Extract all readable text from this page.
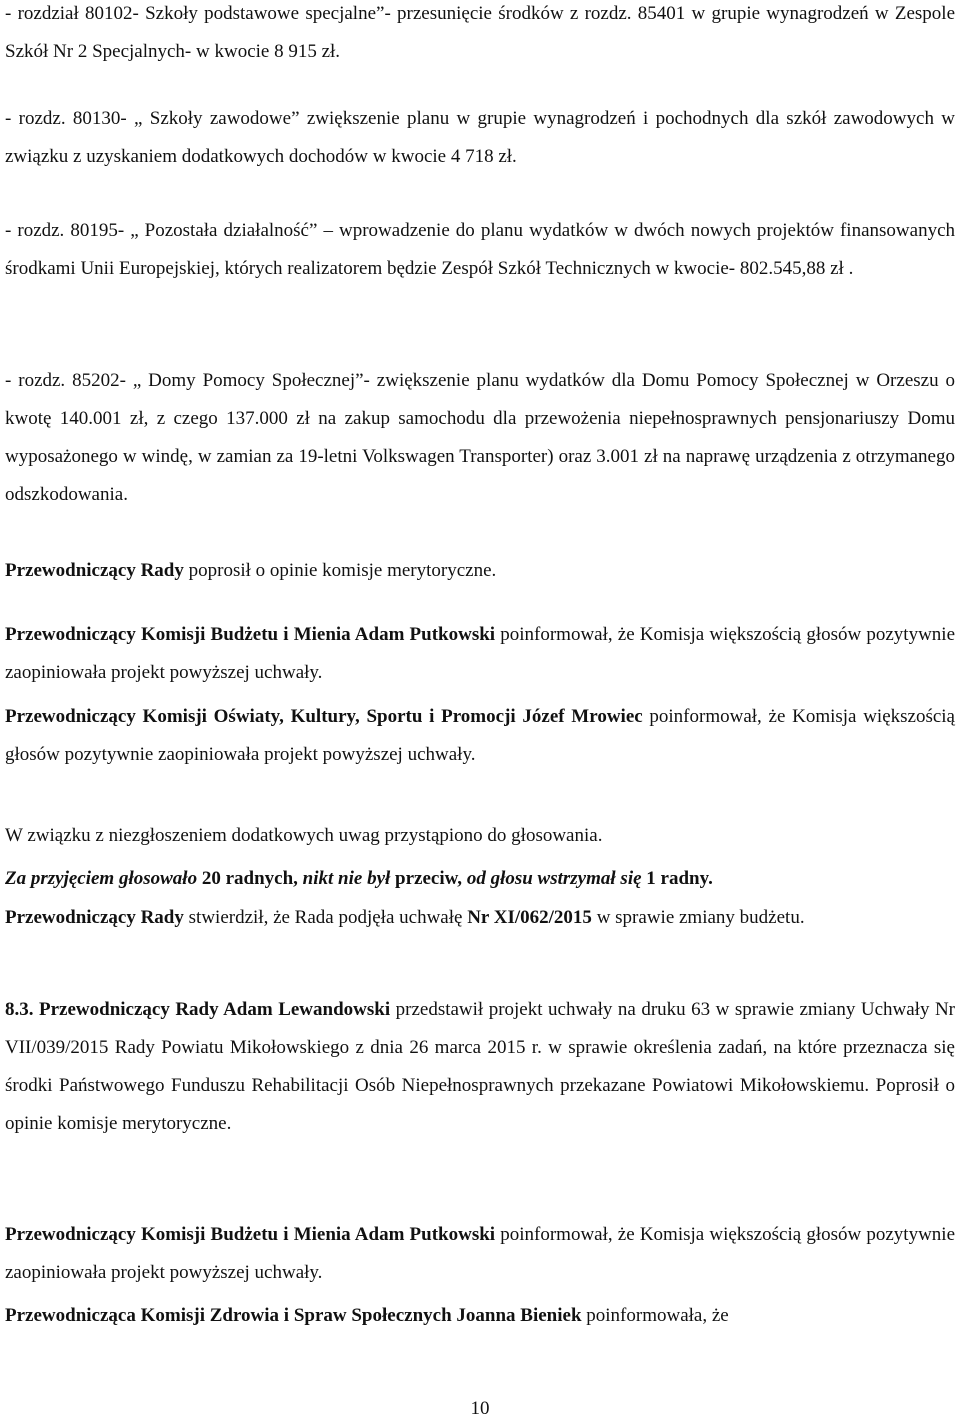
- rozdział 80102- Szkoły podstawowe specjalne”- przesunięcie środków z rozdz. 85401 w grupie wynagrodzeń w Zespole Szkół Nr 2 Specjalnych- w kwocie 8 915 zł.

- rozdz. 80130- „ Szkoły zawodowe” zwiększenie planu w grupie wynagrodzeń i pochodnych dla szkół zawodowych w związku z uzyskaniem dodatkowych dochodów w kwocie 4 718 zł.

- rozdz. 80195- „ Pozostała działalność” – wprowadzenie do planu wydatków w dwóch nowych projektów finansowanych środkami Unii Europejskiej, których realizatorem będzie Zespół Szkół Technicznych w kwocie- 802.545,88 zł .

- rozdz. 85202- „ Domy Pomocy Społecznej”- zwiększenie planu wydatków dla Domu Pomocy Społecznej w Orzeszu o kwotę 140.001 zł, z czego 137.000 zł na zakup samochodu dla przewożenia niepełnosprawnych pensjonariuszy Domu wyposażonego w windę, w zamian za 19-letni Volkswagen Transporter) oraz 3.001 zł na naprawę urządzenia z otrzymanego odszkodowania.

Przewodniczący Rady poprosił o opinie komisje merytoryczne.

Przewodniczący Komisji Budżetu i Mienia Adam Putkowski poinformował, że Komisja większością głosów pozytywnie zaopiniowała projekt powyższej uchwały.

Przewodniczący Komisji Oświaty, Kultury, Sportu i Promocji Józef Mrowiec poinformował, że Komisja większością głosów pozytywnie zaopiniowała projekt powyższej uchwały.

W związku z niezgłoszeniem dodatkowych uwag przystąpiono do głosowania.

Za przyjęciem głosowało 20 radnych, nikt nie był przeciw, od głosu wstrzymał się 1 radny.

Przewodniczący Rady stwierdził, że Rada podjęła uchwałę Nr XI/062/2015 w sprawie zmiany budżetu.

8.3. Przewodniczący Rady Adam Lewandowski przedstawił projekt uchwały na druku 63 w sprawie zmiany Uchwały Nr VII/039/2015 Rady Powiatu Mikołowskiego z dnia 26 marca 2015 r. w sprawie określenia zadań, na które przeznacza się środki Państwowego Funduszu Rehabilitacji Osób Niepełnosprawnych przekazane Powiatowi Mikołowskiemu. Poprosił o opinie komisje merytoryczne.

Przewodniczący Komisji Budżetu i Mienia Adam Putkowski poinformował, że Komisja większością głosów pozytywnie zaopiniowała projekt powyższej uchwały.

Przewodnicząca Komisji Zdrowia i Spraw Społecznych Joanna Bieniek poinformowała, że

10
